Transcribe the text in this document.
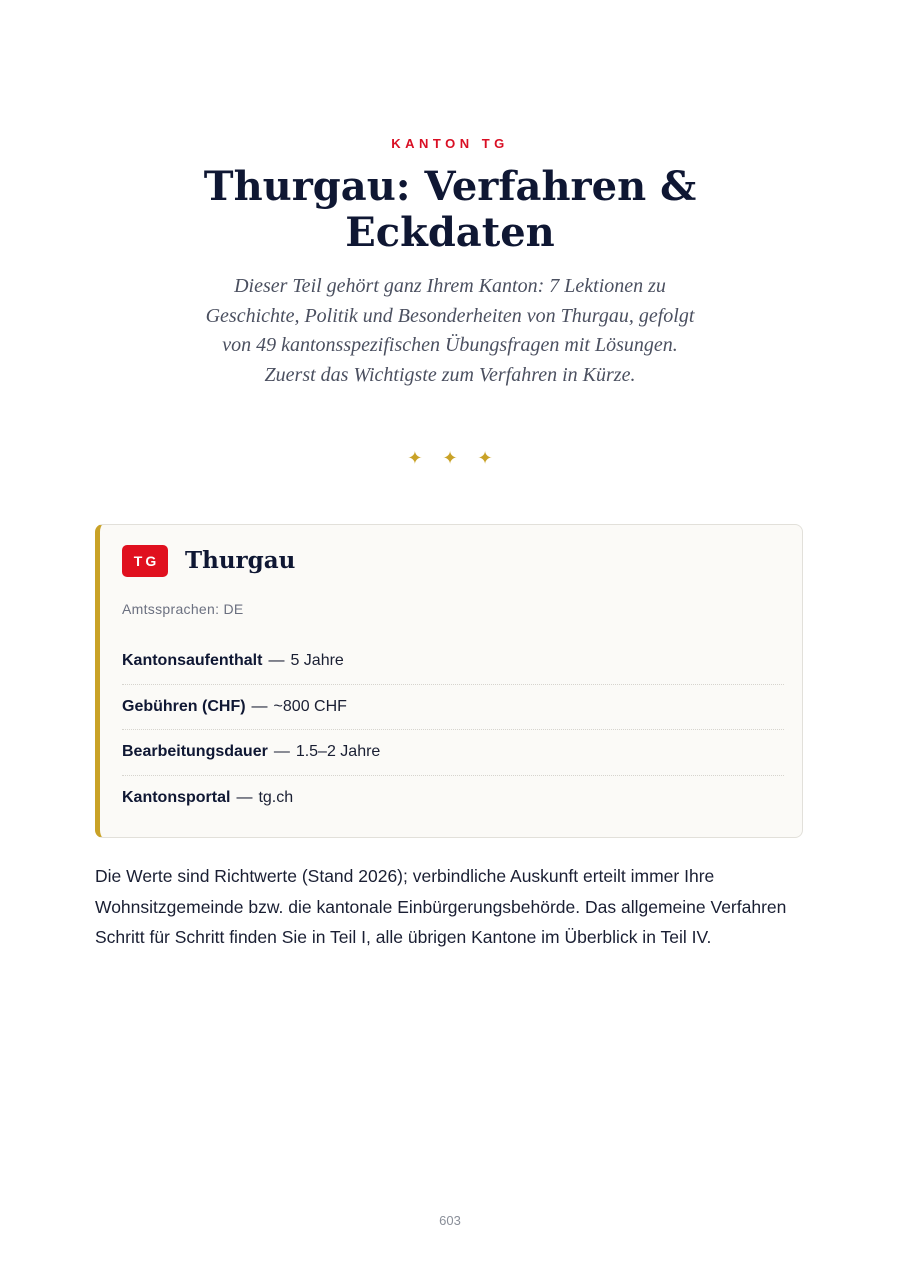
KANTON TG
Thurgau: Verfahren & Eckdaten

Dieser Teil gehört ganz Ihrem Kanton: 7 Lektionen zu Geschichte, Politik und Besonderheiten von Thurgau, gefolgt von 49 kantonsspezifischen Übungsfragen mit Lösungen. Zuerst das Wichtigste zum Verfahren in Kürze.

✦✦✦
TG	Thurgau
Amtssprachen: DE
Kantonsaufenthalt — 5 Jahre
Gebühren (CHF) — ~800 CHF
Bearbeitungsdauer — 1.5–2 Jahre
Kantonsportal — tg.ch

Die Werte sind Richtwerte (Stand 2026); verbindliche Auskunft erteilt immer Ihre Wohnsitzgemeinde bzw. die kantonale Einbürgerungsbehörde. Das allgemeine Verfahren Schritt für Schritt finden Sie in Teil I, alle übrigen Kantone im Überblick in Teil IV.

603
